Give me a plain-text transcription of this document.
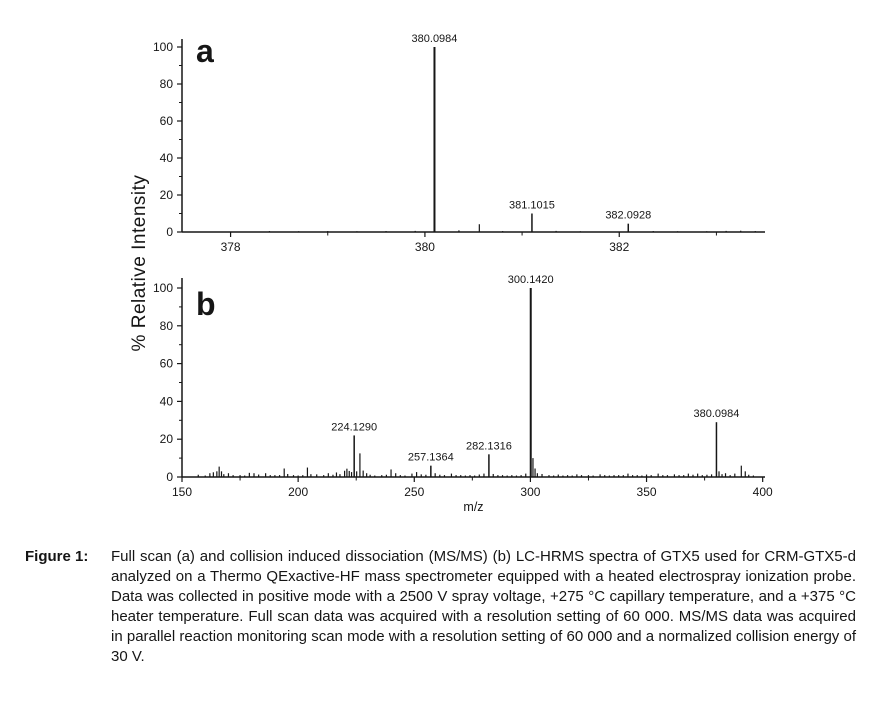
% Relative Intensity 0
20
40
60
80
100
378	380	382
380.0984
381.1015
382.0928
a
0
20
40
60
80
100
150	200	250	300	350	400
224.1290
257.1364
282.1316
300.1420
380.0984
b
m/z
Figure 1:	Full scan (a) and collision induced dissociation (MS/MS) (b) LC-HRMS spectra of GTX5 used for CRM-GTX5-d analyzed on a Thermo QExactive-HF mass spectrometer equipped with a heated electrospray ionization probe. Data was collected in positive mode with a 2500 V spray voltage, +275 °C capillary temperature, and a +375 °C heater temperature. Full scan data was acquired with a resolution setting of 60 000. MS/MS data was acquired in parallel reaction monitoring scan mode with a resolution setting of 60 000 and a normalized collision energy of 30 V.
